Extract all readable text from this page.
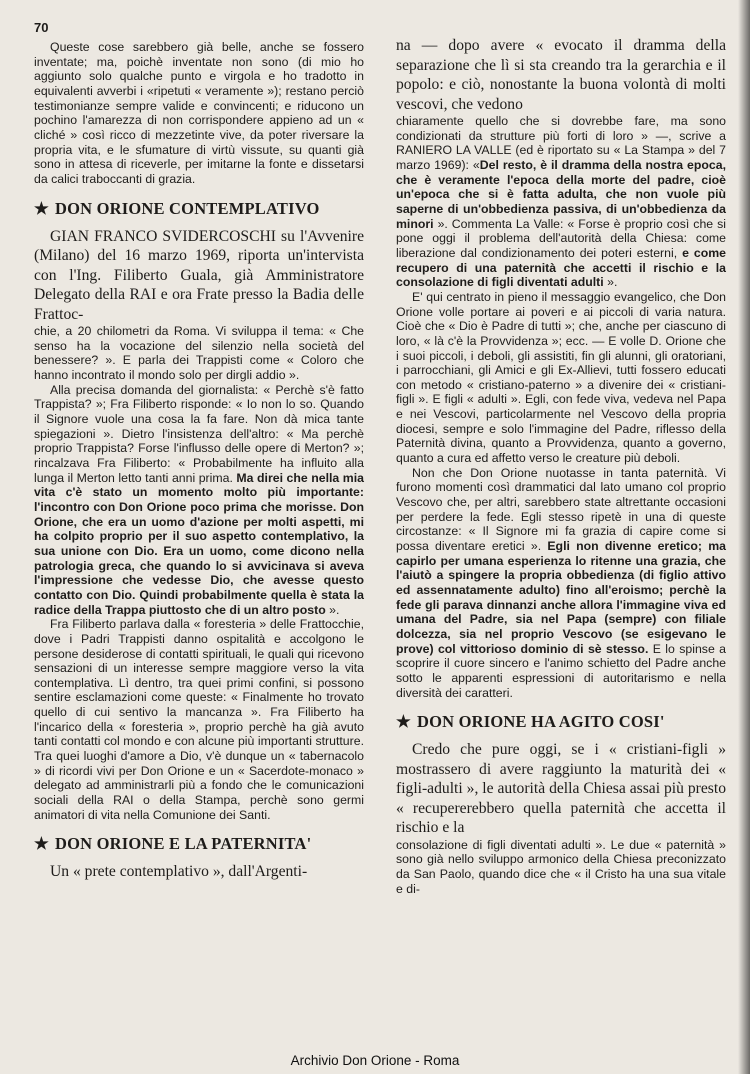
70

Queste cose sarebbero già belle, anche se fossero inventate; ma, poichè inventate non sono (di mio ho aggiunto solo qualche punto e virgola e ho tradotto in equivalenti avverbi i «ripetuti « veramente »); restano perciò testimonianze sempre valide e convincenti; e riducono un pochino l'amarezza di non corrispondere appieno ad un « cliché » così ricco di mezzetinte vive, da poter riversare la propria vita, e le sfumature di virtù vissute, su quanti già sono in attesa di riceverle, per imitarne la fonte e dissetarsi da calici traboccanti di grazia.

★ DON ORIONE CONTEMPLATIVO

GIAN FRANCO SVIDERCOSCHI su l'Avvenire (Milano) del 16 marzo 1969, riporta un'intervista con l'Ing. Filiberto Guala, già Amministratore Delegato della RAI e ora Frate presso la Badia delle Frattoc-

chie, a 20 chilometri da Roma. Vi sviluppa il tema: « Che senso ha la vocazione del silenzio nella società del benessere? ». E parla dei Trappisti come « Coloro che hanno incontrato il mondo solo per dirgli addio ».

Alla precisa domanda del giornalista: « Perchè s'è fatto Trappista? »; Fra Filiberto risponde: « Io non lo so. Quando il Signore vuole una cosa la fa fare. Non dà mica tante spiegazioni ». Dietro l'insistenza dell'altro: « Ma perchè proprio Trappista? Forse l'influsso delle opere di Merton? »; rincalzava Fra Filiberto: « Probabilmente ha influito alla lunga il Merton letto tanti anni prima. Ma direi che nella mia vita c'è stato un momento molto più importante: l'incontro con Don Orione poco prima che morisse. Don Orione, che era un uomo d'azione per molti aspetti, mi ha colpito proprio per il suo aspetto contemplativo, la sua unione con Dio. Era un uomo, come dicono nella patrologia greca, che quando lo si avvicinava si aveva l'impressione che vedesse Dio, che avesse questo contatto con Dio. Quindi probabilmente quella è stata la radice della Trappa piuttosto che di un altro posto ».

Fra Filiberto parlava dalla « foresteria » delle Frattocchie, dove i Padri Trappisti danno ospitalità e accolgono le persone desiderose di contatti spirituali, le quali qui ricevono sensazioni di un interesse sempre maggiore verso la vita contemplativa. Lì dentro, tra quei primi confini, si possono sentire esclamazioni come queste: « Finalmente ho trovato quello di cui sentivo la mancanza ». Fra Filiberto ha l'incarico della « foresteria », proprio perchè ha già avuto tanti contatti col mondo e con alcune più importanti strutture. Tra quei luoghi d'amore a Dio, v'è dunque un « tabernacolo » di ricordi vivi per Don Orione e un « Sacerdote-monaco » delegato ad amministrarli più a fondo che le comunicazioni sociali della RAI o della Stampa, perchè sono germi animatori di vita nella Comunione dei Santi.

★ DON ORIONE E LA PATERNITA'

Un « prete contemplativo », dall'Argenti-

na — dopo avere « evocato il dramma della separazione che lì si sta creando tra la gerarchia e il popolo: e ciò, nonostante la buona volontà di molti vescovi, che vedono

chiaramente quello che si dovrebbe fare, ma sono condizionati da strutture più forti di loro » —, scrive a RANIERO LA VALLE (ed è riportato su « La Stampa » del 7 marzo 1969): «Del resto, è il dramma della nostra epoca, che è veramente l'epoca della morte del padre, cioè un'epoca che si è fatta adulta, che non vuole più saperne di un'obbedienza passiva, di un'obbedienza da minori ». Commenta La Valle: « Forse è proprio così che si pone oggi il problema dell'autorità della Chiesa: come liberazione dal condizionamento dei poteri esterni, e come recupero di una paternità che accetti il rischio e la consolazione di figli diventati adulti ».

E' qui centrato in pieno il messaggio evangelico, che Don Orione volle portare ai poveri e ai piccoli di varia natura. Cioè che « Dio è Padre di tutti »; che, anche per ciascuno di loro, « là c'è la Provvidenza »; ecc. — E volle D. Orione che i suoi piccoli, i deboli, gli assistiti, fin gli alunni, gli oratoriani, i parrocchiani, gli Amici e gli Ex-Allievi, tutti fossero educati con metodo « cristiano-paterno » a divenire dei « cristiani-figli ». E figli « adulti ». Egli, con fede viva, vedeva nel Papa e nei Vescovi, particolarmente nel Vescovo della propria diocesi, sempre e solo l'immagine del Padre, riflesso della Paternità divina, quanto a Provvidenza, quanto a governo, quanto a cura ed affetto verso le creature più deboli.

Non che Don Orione nuotasse in tanta paternità. Vi furono momenti così drammatici dal lato umano col proprio Vescovo che, per altri, sarebbero state altrettante occasioni per perdere la fede. Egli stesso ripetè in una di queste circostanze: « Il Signore mi fa grazia di capire come si possa diventare eretici ». Egli non divenne eretico; ma capirlo per umana esperienza lo ritenne una grazia, che l'aiutò a spingere la propria obbedienza (di figlio attivo ed assennatamente adulto) fino all'eroismo; perchè la fede gli parava dinnanzi anche allora l'immagine viva ed umana del Padre, sia nel Papa (sempre) con filiale dolcezza, sia nel proprio Vescovo (se esigevano le prove) col vittorioso dominio di sè stesso. E lo spinse a scoprire il cuore sincero e l'animo schietto del Padre anche sotto le apparenti espressioni di autoritarismo e nella diversità dei caratteri.

★ DON ORIONE HA AGITO COSI'

Credo che pure oggi, se i « cristiani-figli » mostrassero di avere raggiunto la maturità dei « figli-adulti », le autorità della Chiesa assai più presto « recupererebbero quella paternità che accetta il rischio e la

consolazione di figli diventati adulti ». Le due « paternità » sono già nello sviluppo armonico della Chiesa preconizzato da San Paolo, quando dice che « il Cristo ha una sua vitale e di-

Archivio Don Orione - Roma
